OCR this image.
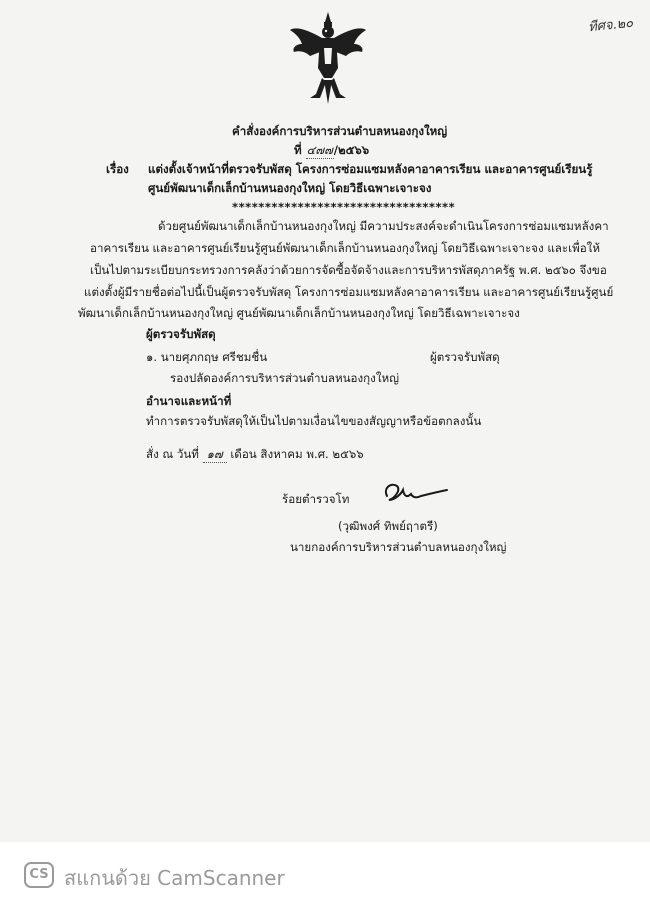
ทีศจ.๒๐
คำสั่งองค์การบริหารส่วนตำบลหนองกุงใหญ่
ที่ ๔๗๗/๒๕๖๖
เรื่อง แต่งตั้งเจ้าหน้าที่ตรวจรับพัสดุ โครงการซ่อมแซมหลังคาอาคารเรียน และอาคารศูนย์เรียนรู้
ศูนย์พัฒนาเด็กเล็กบ้านหนองกุงใหญ่ โดยวิธีเฉพาะเจาะจง
**********************************
ด้วยศูนย์พัฒนาเด็กเล็กบ้านหนองกุงใหญ่ มีความประสงค์จะดำเนินโครงการซ่อมแซมหลังคา
อาคารเรียน และอาคารศูนย์เรียนรู้ศูนย์พัฒนาเด็กเล็กบ้านหนองกุงใหญ่ โดยวิธีเฉพาะเจาะจง และเพื่อให้
เป็นไปตามระเบียบกระทรวงการคลังว่าด้วยการจัดซื้อจัดจ้างและการบริหารพัสดุภาครัฐ พ.ศ. ๒๕๖๐ จึงขอ
แต่งตั้งผู้มีรายชื่อต่อไปนี้เป็นผู้ตรวจรับพัสดุ โครงการซ่อมแซมหลังคาอาคารเรียน และอาคารศูนย์เรียนรู้ศูนย์
พัฒนาเด็กเล็กบ้านหนองกุงใหญ่ ศูนย์พัฒนาเด็กเล็กบ้านหนองกุงใหญ่ โดยวิธีเฉพาะเจาะจง
ผู้ตรวจรับพัสดุ
๑. นายศุภกฤษ ศรีชมชื่น	ผู้ตรวจรับพัสดุ
รองปลัดองค์การบริหารส่วนตำบลหนองกุงใหญ่
อำนาจและหน้าที่
ทำการตรวจรับพัสดุให้เป็นไปตามเงื่อนไขของสัญญาหรือข้อตกลงนั้น
สั่ง ณ วันที่ ๑๗ เดือน สิงหาคม พ.ศ. ๒๕๖๖
ร้อยตำรวจโท
(วุฒิพงศ์ ทิพย์ฤาตรี)
นายกองค์การบริหารส่วนตำบลหนองกุงใหญ่
CS สแกนด้วย CamScanner
